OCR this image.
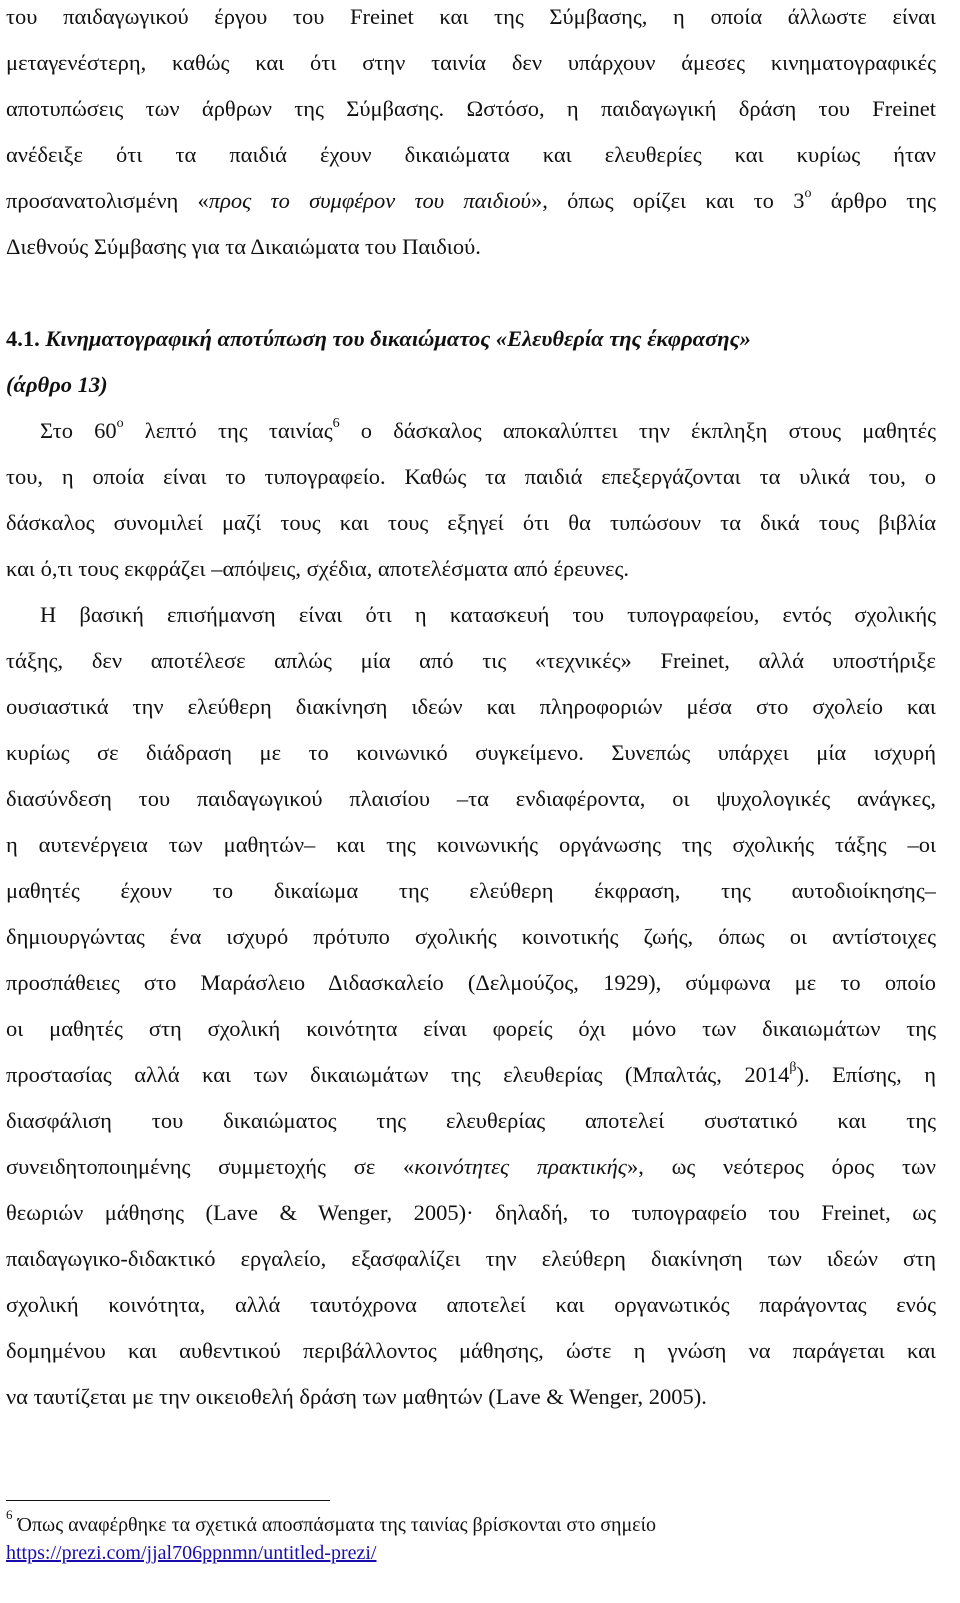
του παιδαγωγικού έργου του Freinet και της Σύμβασης, η οποία άλλωστε είναι
μεταγενέστερη, καθώς και ότι στην ταινία δεν υπάρχουν άμεσες κινηματογραφικές
αποτυπώσεις των άρθρων της Σύμβασης. Ωστόσο, η παιδαγωγική δράση του Freinet
ανέδειξε ότι τα παιδιά έχουν δικαιώματα και ελευθερίες και κυρίως ήταν
προσανατολισμένη «προς το συμφέρον του παιδιού», όπως ορίζει και το $3^o$ άρθρο της
Διεθνούς Σύμβασης για τα Δικαιώματα του Παιδιού.
4.1. Κινηματογραφική αποτύπωση του δικαιώματος «Ελευθερία της έκφρασης»
(άρθρο 13)
Στο $60^o$ λεπτό της ταινίας$^6$ ο δάσκαλος αποκαλύπτει την έκπληξη στους μαθητές
του, η οποία είναι το τυπογραφείο. Καθώς τα παιδιά επεξεργάζονται τα υλικά του, ο
δάσκαλος συνομιλεί μαζί τους και τους εξηγεί ότι θα τυπώσουν τα δικά τους βιβλία
και ό,τι τους εκφράζει –απόψεις, σχέδια, αποτελέσματα από έρευνες.
Η βασική επισήμανση είναι ότι η κατασκευή του τυπογραφείου, εντός σχολικής
τάξης, δεν αποτέλεσε απλώς μία από τις «τεχνικές» Freinet, αλλά υποστήριξε
ουσιαστικά την ελεύθερη διακίνηση ιδεών και πληροφοριών μέσα στο σχολείο και
κυρίως σε διάδραση με το κοινωνικό συγκείμενο. Συνεπώς υπάρχει μία ισχυρή
διασύνδεση του παιδαγωγικού πλαισίου –τα ενδιαφέροντα, οι ψυχολογικές ανάγκες,
η αυτενέργεια των μαθητών– και της κοινωνικής οργάνωσης της σχολικής τάξης –οι
μαθητές έχουν το δικαίωμα της ελεύθερη έκφραση, της αυτοδιοίκησης–
δημιουργώντας ένα ισχυρό πρότυπο σχολικής κοινοτικής ζωής, όπως οι αντίστοιχες
προσπάθειες στο Μαράσλειο Διδασκαλείο (Δελμούζος, 1929), σύμφωνα με το οποίο
οι μαθητές στη σχολική κοινότητα είναι φορείς όχι μόνο των δικαιωμάτων της
προστασίας αλλά και των δικαιωμάτων της ελευθερίας (Μπαλτάς, $2014^\beta$). Επίσης, η
διασφάλιση του δικαιώματος της ελευθερίας αποτελεί συστατικό και της
συνειδητοποιημένης συμμετοχής σε «κοινότητες πρακτικής», ως νεότερος όρος των
θεωριών μάθησης (Lave & Wenger, 2005)· δηλαδή, το τυπογραφείο του Freinet, ως
παιδαγωγικο-διδακτικό εργαλείο, εξασφαλίζει την ελεύθερη διακίνηση των ιδεών στη
σχολική κοινότητα, αλλά ταυτόχρονα αποτελεί και οργανωτικός παράγοντας ενός
δομημένου και αυθεντικού περιβάλλοντος μάθησης, ώστε η γνώση να παράγεται και
να ταυτίζεται με την οικειοθελή δράση των μαθητών (Lave & Wenger, 2005).
$^6$ Όπως αναφέρθηκε τα σχετικά αποσπάσματα της ταινίας βρίσκονται στο σημείο
https://prezi.com/jjal706ppnmn/untitled-prezi/
